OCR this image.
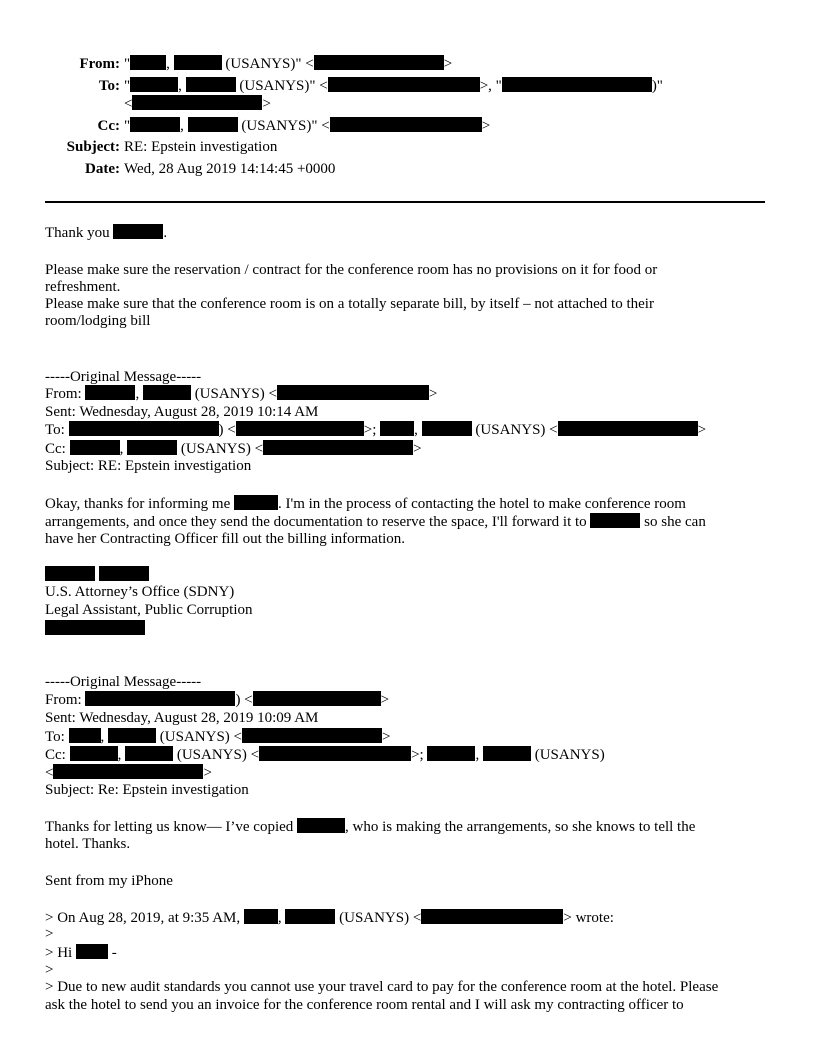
From: " ,	(USANYS)" <	>
To: "	,	(USANYS)" <	>, "	)"
<	>
Cc: "	,	(USANYS)" <	>
Subject: RE: Epstein investigation
Date: Wed, 28 Aug 2019 14:14:45 +0000
Thank you	.
Please make sure the reservation / contract for the conference room has no provisions on it for food or
refreshment.
Please make sure that the conference room is on a totally separate bill, by itself – not attached to their
room/lodging bill
-----Original Message-----
From:	,	(USANYS) <	>
Sent: Wednesday, August 28, 2019 10:14 AM
To:	) <	>;	,	(USANYS) <	>
Cc:	,	(USANYS) <	>
Subject: RE: Epstein investigation
Okay, thanks for informing me	. I'm in the process of contacting the hotel to make conference room
arrangements, and once they send the documentation to reserve the space, I'll forward it to	so she can
have her Contracting Officer fill out the billing information.

U.S. Attorney’s Office (SDNY)
Legal Assistant, Public Corruption
-----Original Message-----
From:	) <	>
Sent: Wednesday, August 28, 2019 10:09 AM
To: ,	(USANYS) <	>
Cc:	,	(USANYS) <	>;	,	(USANYS)
<	>
Subject: Re: Epstein investigation
Thanks for letting us know— I’ve copied	, who is making the arrangements, so she knows to tell the
hotel. Thanks.
Sent from my iPhone
> On Aug 28, 2019, at 9:35 AM,	,	(USANYS) <	> wrote:
>
> Hi	-
>
> Due to new audit standards you cannot use your travel card to pay for the conference room at the hotel. Please
ask the hotel to send you an invoice for the conference room rental and I will ask my contracting officer to
